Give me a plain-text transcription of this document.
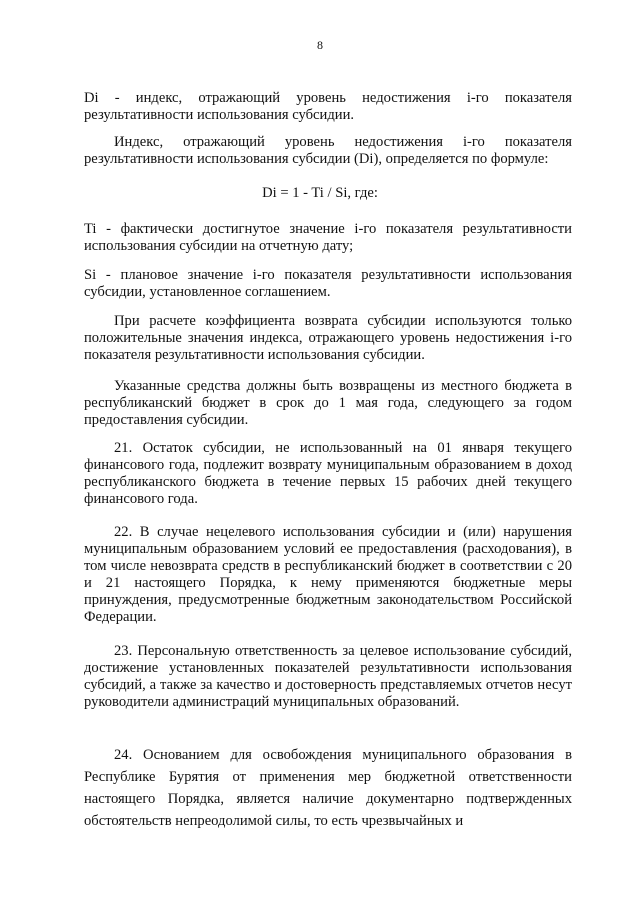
8

Di - индекс, отражающий уровень недостижения i-го показателя результативности использования субсидии.

Индекс, отражающий уровень недостижения i-го показателя результативности использования субсидии (Di), определяется по формуле:

Di = 1 - Ti / Si, где:

Ti - фактически достигнутое значение i-го показателя результативности использования субсидии на отчетную дату;

Si - плановое значение i-го показателя результативности использования субсидии, установленное соглашением.

При расчете коэффициента возврата субсидии используются только положительные значения индекса, отражающего уровень недостижения i-го показателя результативности использования субсидии.

Указанные средства должны быть возвращены из местного бюджета в республиканский бюджет в срок до 1 мая года, следующего за годом предоставления субсидии.

21. Остаток субсидии, не использованный на 01 января текущего финансового года, подлежит возврату муниципальным образованием в доход республиканского бюджета в течение первых 15 рабочих дней текущего финансового года.

22. В случае нецелевого использования субсидии и (или) нарушения муниципальным образованием условий ее предоставления (расходования), в том числе невозврата средств в республиканский бюджет в соответствии с 20 и 21 настоящего Порядка, к нему применяются бюджетные меры принуждения, предусмотренные бюджетным законодательством Российской Федерации.

23. Персональную ответственность за целевое использование субсидий, достижение установленных показателей результативности использования субсидий, а также за качество и достоверность представляемых отчетов несут руководители администраций муниципальных образований.

24. Основанием для освобождения муниципального образования в Республике Бурятия от применения мер бюджетной ответственности настоящего Порядка, является наличие документарно подтвержденных обстоятельств непреодолимой силы, то есть чрезвычайных и
